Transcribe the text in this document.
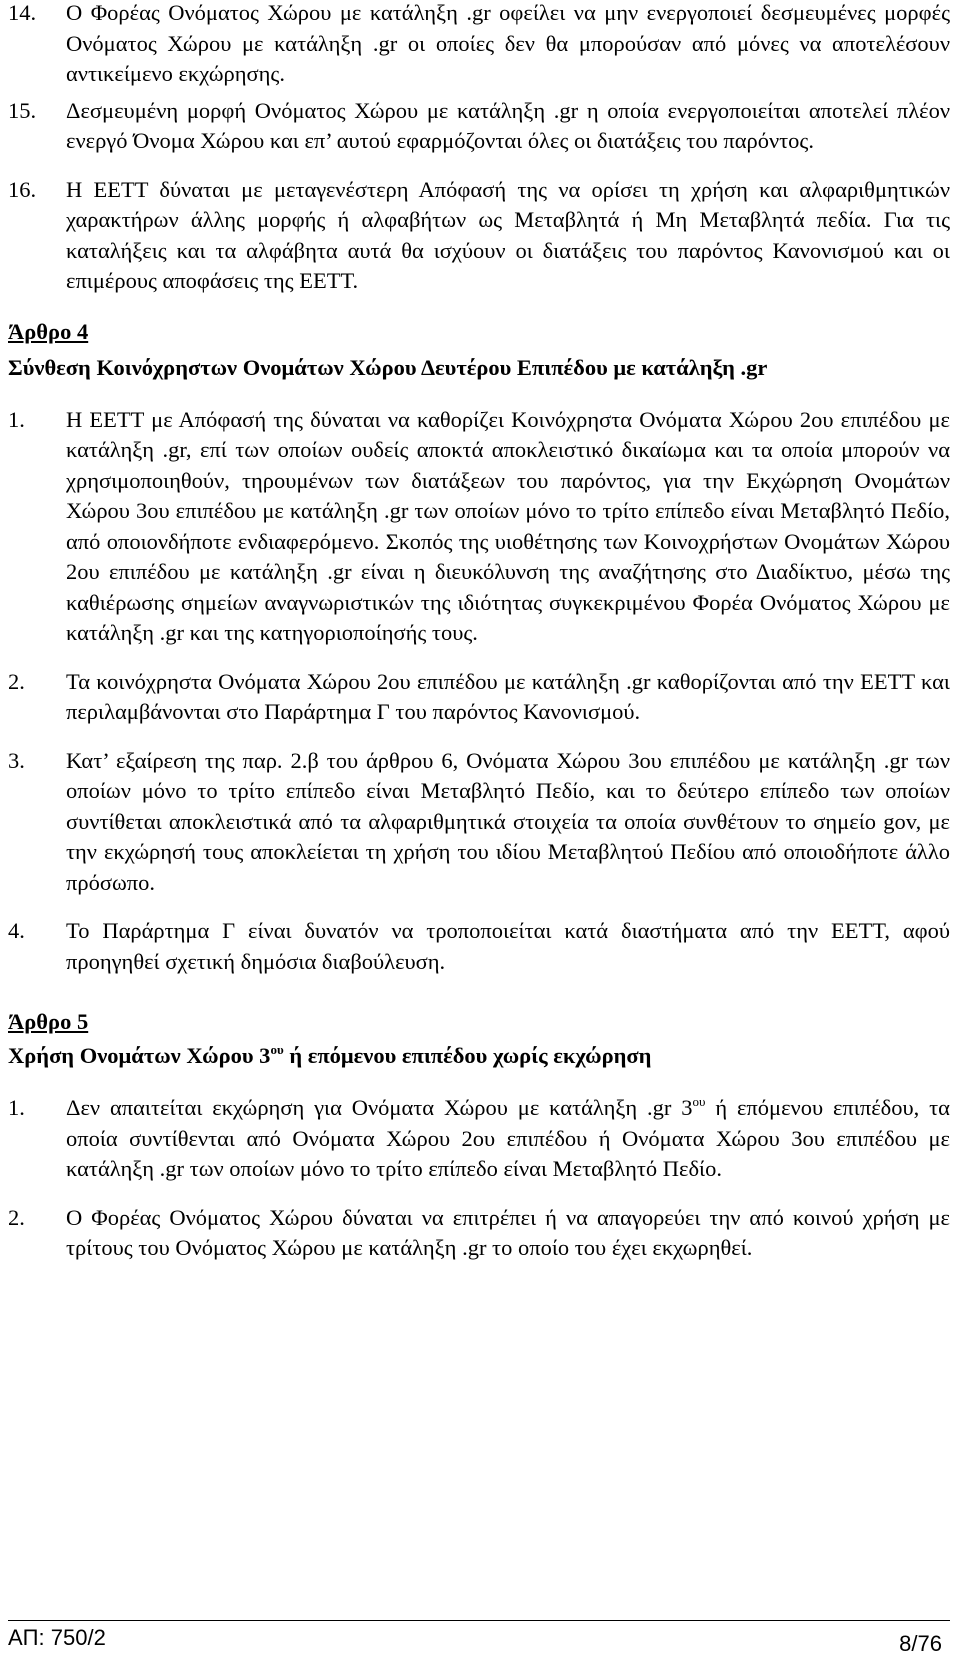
14. Ο Φορέας Ονόματος Χώρου με κατάληξη .gr οφείλει να μην ενεργοποιεί δεσμευμένες μορφές Ονόματος Χώρου με κατάληξη .gr οι οποίες δεν θα μπορούσαν από μόνες να αποτελέσουν αντικείμενο εκχώρησης.

15. Δεσμευμένη μορφή Ονόματος Χώρου με κατάληξη .gr η οποία ενεργοποιείται αποτελεί πλέον ενεργό Όνομα Χώρου και επ’ αυτού εφαρμόζονται όλες οι διατάξεις του παρόντος.

16. Η ΕΕΤΤ δύναται με μεταγενέστερη Απόφασή της να ορίσει τη χρήση και αλφαριθμητικών χαρακτήρων άλλης μορφής ή αλφαβήτων ως Μεταβλητά ή Μη Μεταβλητά πεδία. Για τις καταλήξεις και τα αλφάβητα αυτά θα ισχύουν οι διατάξεις του παρόντος Κανονισμού και οι επιμέρους αποφάσεις της ΕΕΤΤ.

Άρθρο 4

Σύνθεση Κοινόχρηστων Ονομάτων Χώρου Δευτέρου Επιπέδου με κατάληξη .gr

1. Η ΕΕΤΤ με Απόφασή της δύναται να καθορίζει Κοινόχρηστα Ονόματα Χώρου 2ου επιπέδου με κατάληξη .gr, επί των οποίων ουδείς αποκτά αποκλειστικό δικαίωμα και τα οποία μπορούν να χρησιμοποιηθούν, τηρουμένων των διατάξεων του παρόντος, για την Εκχώρηση Ονομάτων Χώρου 3ου επιπέδου με κατάληξη .gr των οποίων μόνο το τρίτο επίπεδο είναι Μεταβλητό Πεδίο, από οποιονδήποτε ενδιαφερόμενο. Σκοπός της υιοθέτησης των Κοινοχρήστων Ονομάτων Χώρου 2ου επιπέδου με κατάληξη .gr είναι η διευκόλυνση της αναζήτησης στο Διαδίκτυο, μέσω της καθιέρωσης σημείων αναγνωριστικών της ιδιότητας συγκεκριμένου Φορέα Ονόματος Χώρου με κατάληξη .gr και της κατηγοριοποίησής τους.

2. Τα κοινόχρηστα Ονόματα Χώρου 2ου επιπέδου με κατάληξη .gr καθορίζονται από την ΕΕΤΤ και περιλαμβάνονται στο Παράρτημα Γ του παρόντος Κανονισμού.

3. Κατ’ εξαίρεση της παρ. 2.β του άρθρου 6, Ονόματα Χώρου 3ου επιπέδου με κατάληξη .gr των οποίων μόνο το τρίτο επίπεδο είναι Μεταβλητό Πεδίο, και το δεύτερο επίπεδο των οποίων συντίθεται αποκλειστικά από τα αλφαριθμητικά στοιχεία τα οποία συνθέτουν το σημείο gov, με την εκχώρησή τους αποκλείεται τη χρήση του ιδίου Μεταβλητού Πεδίου από οποιοδήποτε άλλο πρόσωπο.

4. Το Παράρτημα Γ είναι δυνατόν να τροποποιείται κατά διαστήματα από την ΕΕΤΤ, αφού προηγηθεί σχετική δημόσια διαβούλευση.

Άρθρο 5

Χρήση Ονομάτων Χώρου $3^{o\upsilon}$ ή επόμενου επιπέδου χωρίς εκχώρηση

1. Δεν απαιτείται εκχώρηση για Ονόματα Χώρου με κατάληξη .gr $3^{o\upsilon}$ ή επόμενου επιπέδου, τα οποία συντίθενται από Ονόματα Χώρου 2ου επιπέδου ή Ονόματα Χώρου 3ου επιπέδου με κατάληξη .gr των οποίων μόνο το τρίτο επίπεδο είναι Μεταβλητό Πεδίο.

2. Ο Φορέας Ονόματος Χώρου δύναται να επιτρέπει ή να απαγορεύει την από κοινού χρήση με τρίτους του Ονόματος Χώρου με κατάληξη .gr το οποίο του έχει εκχωρηθεί.

ΑΠ: 750/2	8/76
